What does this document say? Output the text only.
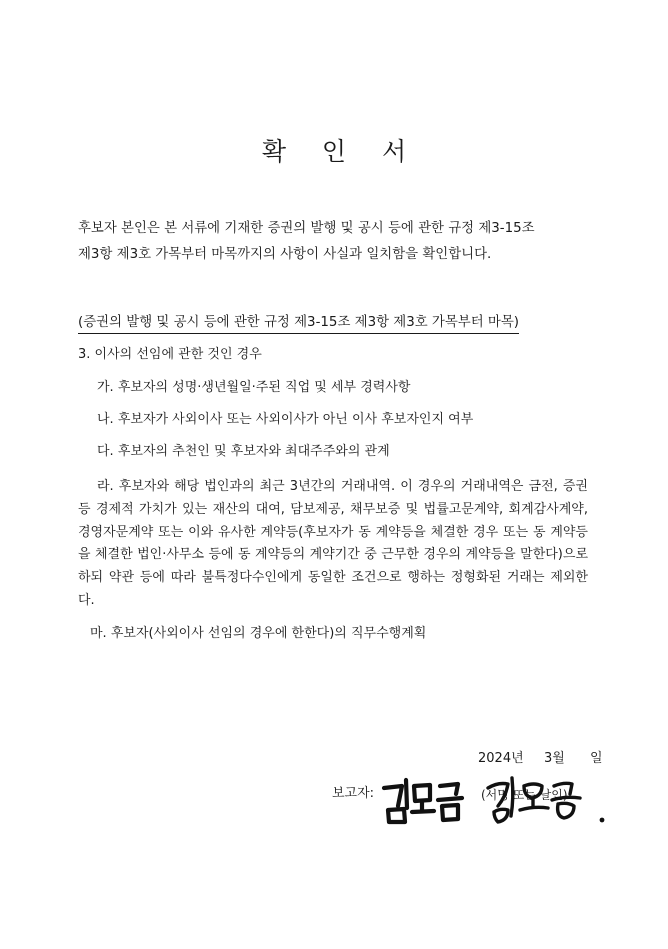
확 인 서

후보자 본인은 본 서류에 기재한 증권의 발행 및 공시 등에 관한 규정 제3-15조

제3항 제3호 가목부터 마목까지의 사항이 사실과 일치함을 확인합니다.

(증권의 발행 및 공시 등에 관한 규정 제3-15조 제3항 제3호 가목부터 마목)
3. 이사의 선임에 관한 것인 경우
가. 후보자의 성명·생년월일·주된 직업 및 세부 경력사항
나. 후보자가 사외이사 또는 사외이사가 아닌 이사 후보자인지 여부
다. 후보자의 추천인 및 후보자와 최대주주와의 관계
라. 후보자와 해당 법인과의 최근 3년간의 거래내역. 이 경우의 거래내역은 금전, 증권 등 경제적 가치가 있는 재산의 대여, 담보제공, 채무보증 및 법률고문계약, 회계감사계약, 경영자문계약 또는 이와 유사한 계약등(후보자가 동 계약등을 체결한 경우 또는 동 계약등을 체결한 법인·사무소 등에 동 계약등의 계약기간 중 근무한 경우의 계약등을 말한다)으로 하되 약관 등에 따라 불특정다수인에게 동일한 조건으로 행하는 정형화된 거래는 제외한다.
마. 후보자(사외이사 선임의 경우에 한한다)의 직무수행계획
2024년 3월 일
보고자:	(서명 또는 날인)
